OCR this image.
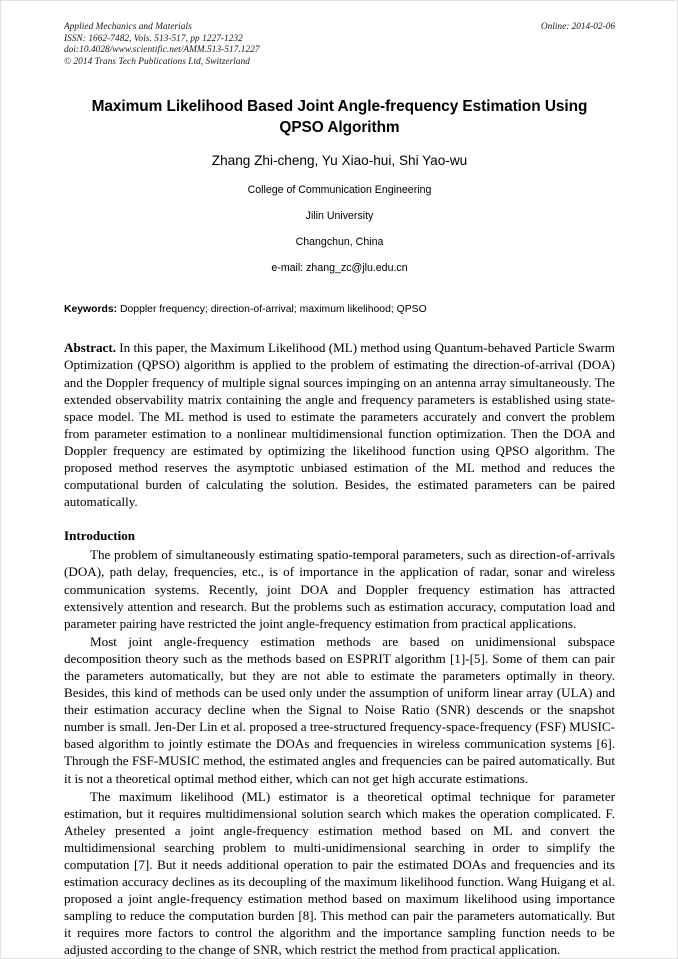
Applied Mechanics and Materials
ISSN: 1662-7482, Vols. 513-517, pp 1227-1232
doi:10.4028/www.scientific.net/AMM.513-517.1227
© 2014 Trans Tech Publications Ltd, Switzerland
Online: 2014-02-06
Maximum Likelihood Based Joint Angle-frequency Estimation Using QPSO Algorithm
Zhang Zhi-cheng, Yu Xiao-hui, Shi Yao-wu
College of Communication Engineering
Jilin University
Changchun, China
e-mail: zhang_zc@jlu.edu.cn
Keywords: Doppler frequency; direction-of-arrival; maximum likelihood; QPSO
Abstract. In this paper, the Maximum Likelihood (ML) method using Quantum-behaved Particle Swarm Optimization (QPSO) algorithm is applied to the problem of estimating the direction-of-arrival (DOA) and the Doppler frequency of multiple signal sources impinging on an antenna array simultaneously. The extended observability matrix containing the angle and frequency parameters is established using state-space model. The ML method is used to estimate the parameters accurately and convert the problem from parameter estimation to a nonlinear multidimensional function optimization. Then the DOA and Doppler frequency are estimated by optimizing the likelihood function using QPSO algorithm. The proposed method reserves the asymptotic unbiased estimation of the ML method and reduces the computational burden of calculating the solution. Besides, the estimated parameters can be paired automatically.
Introduction
The problem of simultaneously estimating spatio-temporal parameters, such as direction-of-arrivals (DOA), path delay, frequencies, etc., is of importance in the application of radar, sonar and wireless communication systems. Recently, joint DOA and Doppler frequency estimation has attracted extensively attention and research. But the problems such as estimation accuracy, computation load and parameter pairing have restricted the joint angle-frequency estimation from practical applications.
Most joint angle-frequency estimation methods are based on unidimensional subspace decomposition theory such as the methods based on ESPRIT algorithm [1]-[5]. Some of them can pair the parameters automatically, but they are not able to estimate the parameters optimally in theory. Besides, this kind of methods can be used only under the assumption of uniform linear array (ULA) and their estimation accuracy decline when the Signal to Noise Ratio (SNR) descends or the snapshot number is small. Jen-Der Lin et al. proposed a tree-structured frequency-space-frequency (FSF) MUSIC-based algorithm to jointly estimate the DOAs and frequencies in wireless communication systems [6]. Through the FSF-MUSIC method, the estimated angles and frequencies can be paired automatically. But it is not a theoretical optimal method either, which can not get high accurate estimations.
The maximum likelihood (ML) estimator is a theoretical optimal technique for parameter estimation, but it requires multidimensional solution search which makes the operation complicated. F. Atheley presented a joint angle-frequency estimation method based on ML and convert the multidimensional searching problem to multi-unidimensional searching in order to simplify the computation [7]. But it needs additional operation to pair the estimated DOAs and frequencies and its estimation accuracy declines as its decoupling of the maximum likelihood function. Wang Huigang et al. proposed a joint angle-frequency estimation method based on maximum likelihood using importance sampling to reduce the computation burden [8]. This method can pair the parameters automatically. But it requires more factors to control the algorithm and the importance sampling function needs to be adjusted according to the change of SNR, which restrict the method from practical application.
